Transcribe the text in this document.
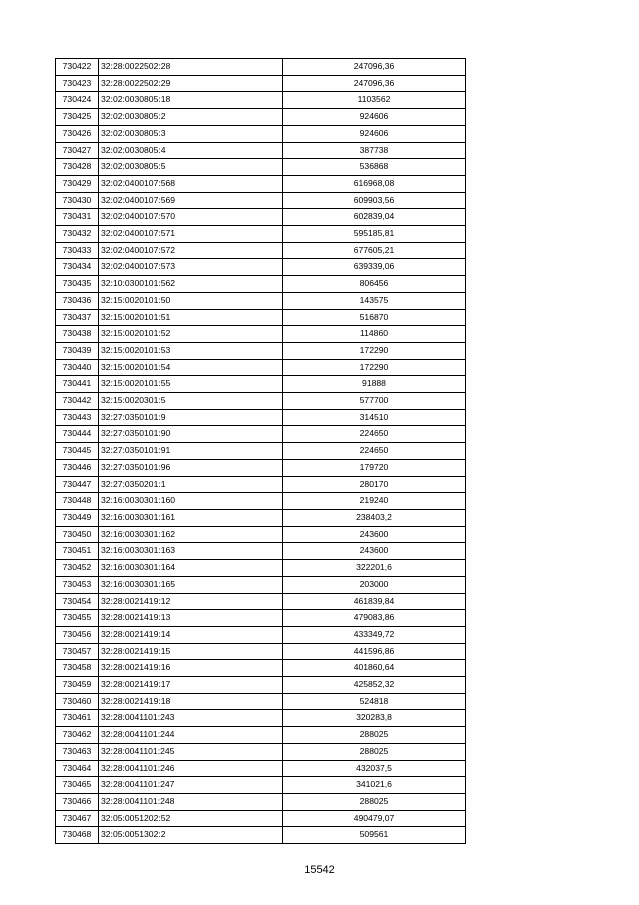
730422	32:28:0022502:28	247096,36
730423	32:28:0022502:29	247096,36
730424	32:02:0030805:18	1103562
730425	32:02:0030805:2	924606
730426	32:02:0030805:3	924606
730427	32:02:0030805:4	387738
730428	32:02:0030805:5	536868
730429	32:02:0400107:568	616968,08
730430	32:02:0400107:569	609903,56
730431	32:02:0400107:570	602839,04
730432	32:02:0400107:571	595185,81
730433	32:02:0400107:572	677605,21
730434	32:02:0400107:573	639339,06
730435	32:10:0300101:562	806456
730436	32:15:0020101:50	143575
730437	32:15:0020101:51	516870
730438	32:15:0020101:52	114860
730439	32:15:0020101:53	172290
730440	32:15:0020101:54	172290
730441	32:15:0020101:55	91888
730442	32:15:0020301:5	577700
730443	32:27:0350101:9	314510
730444	32:27:0350101:90	224650
730445	32:27:0350101:91	224650
730446	32:27:0350101:96	179720
730447	32:27:0350201:1	280170
730448	32:16:0030301:160	219240
730449	32:16:0030301:161	238403,2
730450	32:16:0030301:162	243600
730451	32:16:0030301:163	243600
730452	32:16:0030301:164	322201,6
730453	32:16:0030301:165	203000
730454	32:28:0021419:12	461839,84
730455	32:28:0021419:13	479083,86
730456	32:28:0021419:14	433349,72
730457	32:28:0021419:15	441596,86
730458	32:28:0021419:16	401860,64
730459	32:28:0021419:17	425852,32
730460	32:28:0021419:18	524818
730461	32:28:0041101:243	320283,8
730462	32:28:0041101:244	288025
730463	32:28:0041101:245	288025
730464	32:28:0041101:246	432037,5
730465	32:28:0041101:247	341021,6
730466	32:28:0041101:248	288025
730467	32:05:0051202:52	490479,07
730468	32:05:0051302:2	509561
15542
